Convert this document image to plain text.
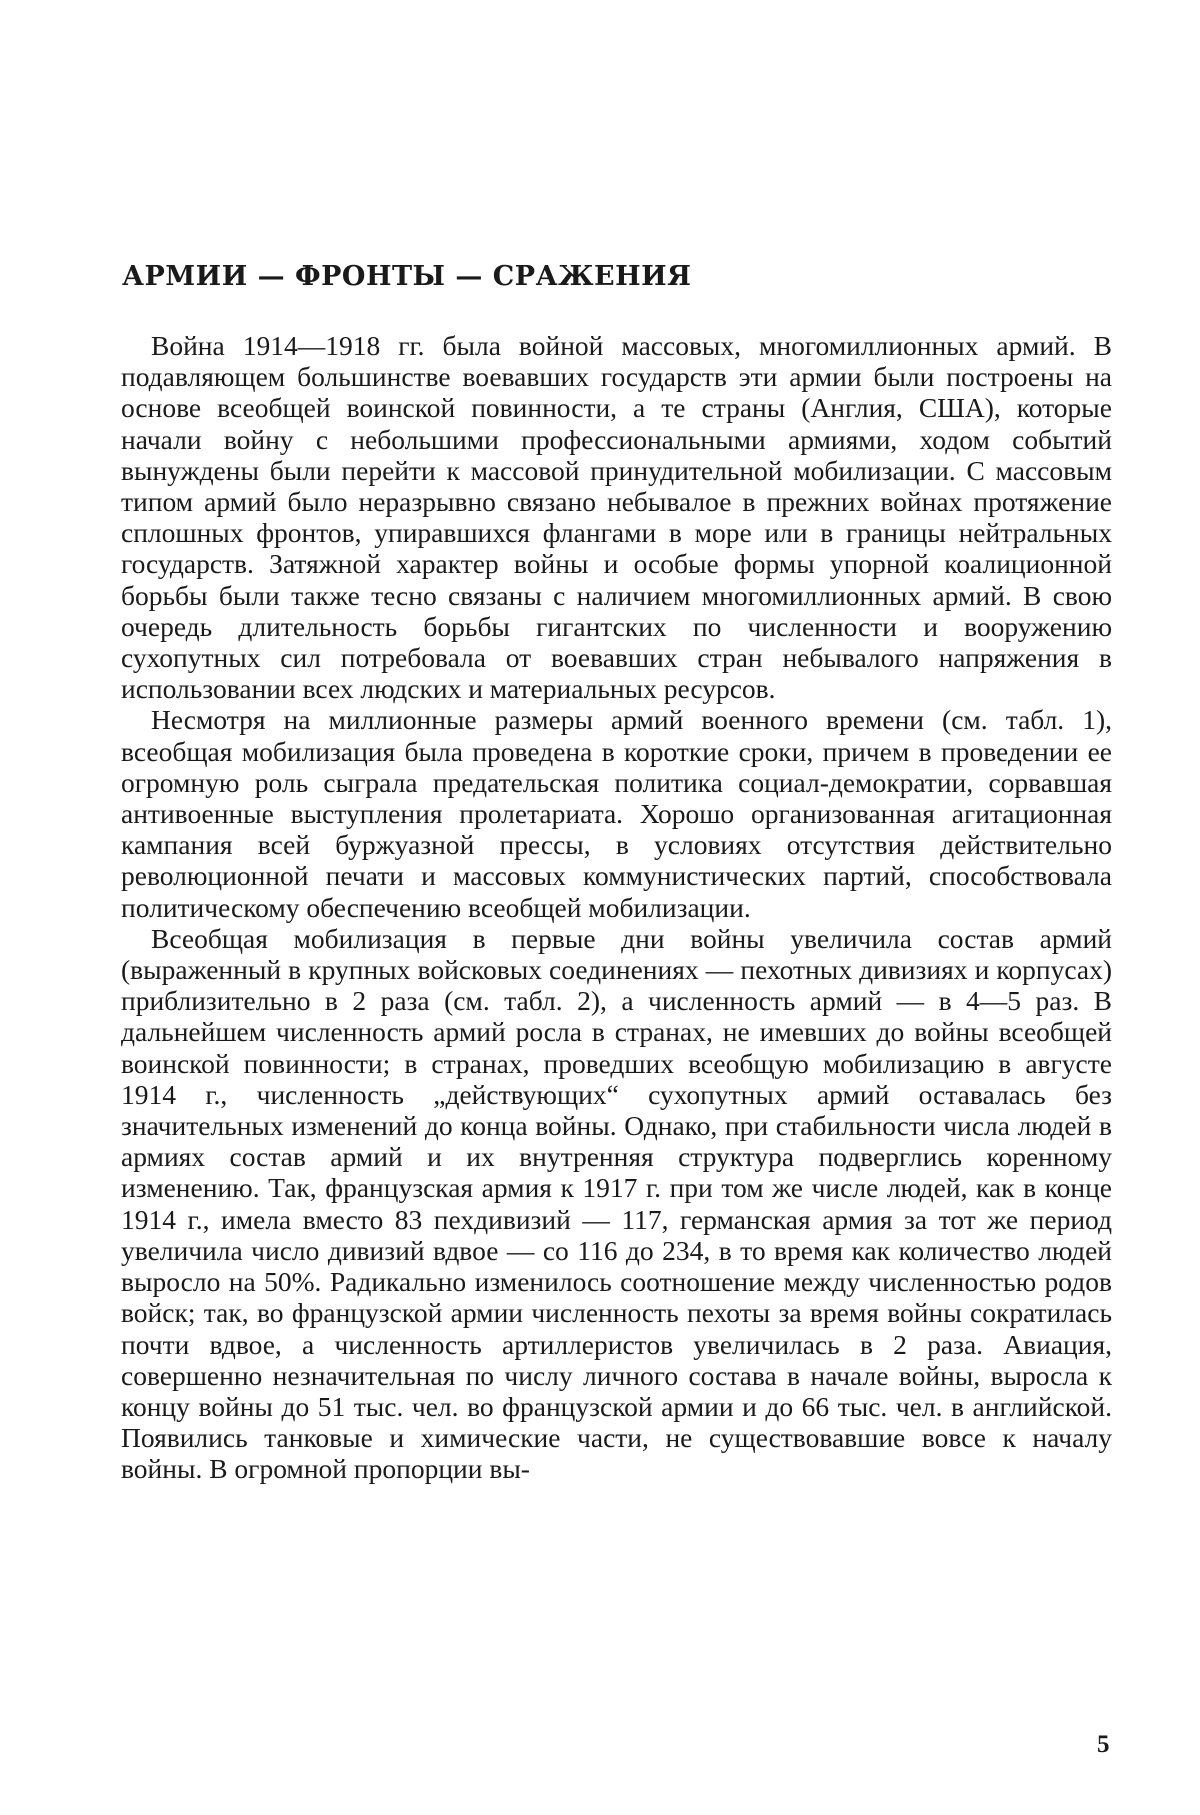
АРМИИ — ФРОНТЫ — СРАЖЕНИЯ

Война 1914—1918 гг. была войной массовых, многомиллионных армий. В подавляющем большинстве воевавших государств эти армии были построены на основе всеобщей воинской повинности, а те страны (Англия, США), которые начали войну с небольшими профессиональными армиями, ходом событий вынуждены были перейти к массовой принудительной мобилизации. С массовым типом армий было неразрывно связано небывалое в прежних войнах протяжение сплошных фронтов, упиравшихся флангами в море или в границы нейтральных государств. Затяжной характер войны и особые формы упорной коалиционной борьбы были также тесно связаны с наличием многомиллионных армий. В свою очередь длительность борьбы гигантских по численности и вооружению сухопутных сил потребовала от воевавших стран небывалого напряжения в использовании всех людских и материальных ресурсов.

Несмотря на миллионные размеры армий военного времени (см. табл. 1), всеобщая мобилизация была проведена в короткие сроки, причем в проведении ее огромную роль сыграла предательская политика социал-демократии, сорвавшая антивоенные выступления пролетариата. Хорошо организованная агитационная кампания всей буржуазной прессы, в условиях отсутствия действительно революционной печати и массовых коммунистических партий, способствовала политическому обеспечению всеобщей мобилизации.

Всеобщая мобилизация в первые дни войны увеличила состав армий (выраженный в крупных войсковых соединениях — пехотных дивизиях и корпусах) приблизительно в 2 раза (см. табл. 2), а численность армий — в 4—5 раз. В дальнейшем численность армий росла в странах, не имевших до войны всеобщей воинской повинности; в странах, проведших всеобщую мобилизацию в августе 1914 г., численность „действующих“ сухопутных армий оставалась без значительных изменений до конца войны. Однако, при стабильности числа людей в армиях состав армий и их внутренняя структура подверглись коренному изменению. Так, французская армия к 1917 г. при том же числе людей, как в конце 1914 г., имела вместо 83 пехдивизий — 117, германская армия за тот же период увеличила число дивизий вдвое — со 116 до 234, в то время как количество людей выросло на 50%. Радикально изменилось соотношение между численностью родов войск; так, во французской армии численность пехоты за время войны сократилась почти вдвое, а численность артиллеристов увеличилась в 2 раза. Авиация, совершенно незначительная по числу личного состава в начале войны, выросла к концу войны до 51 тыс. чел. во французской армии и до 66 тыс. чел. в английской. Появились танковые и химические части, не существовавшие вовсе к началу войны. В огромной пропорции вы-

5
